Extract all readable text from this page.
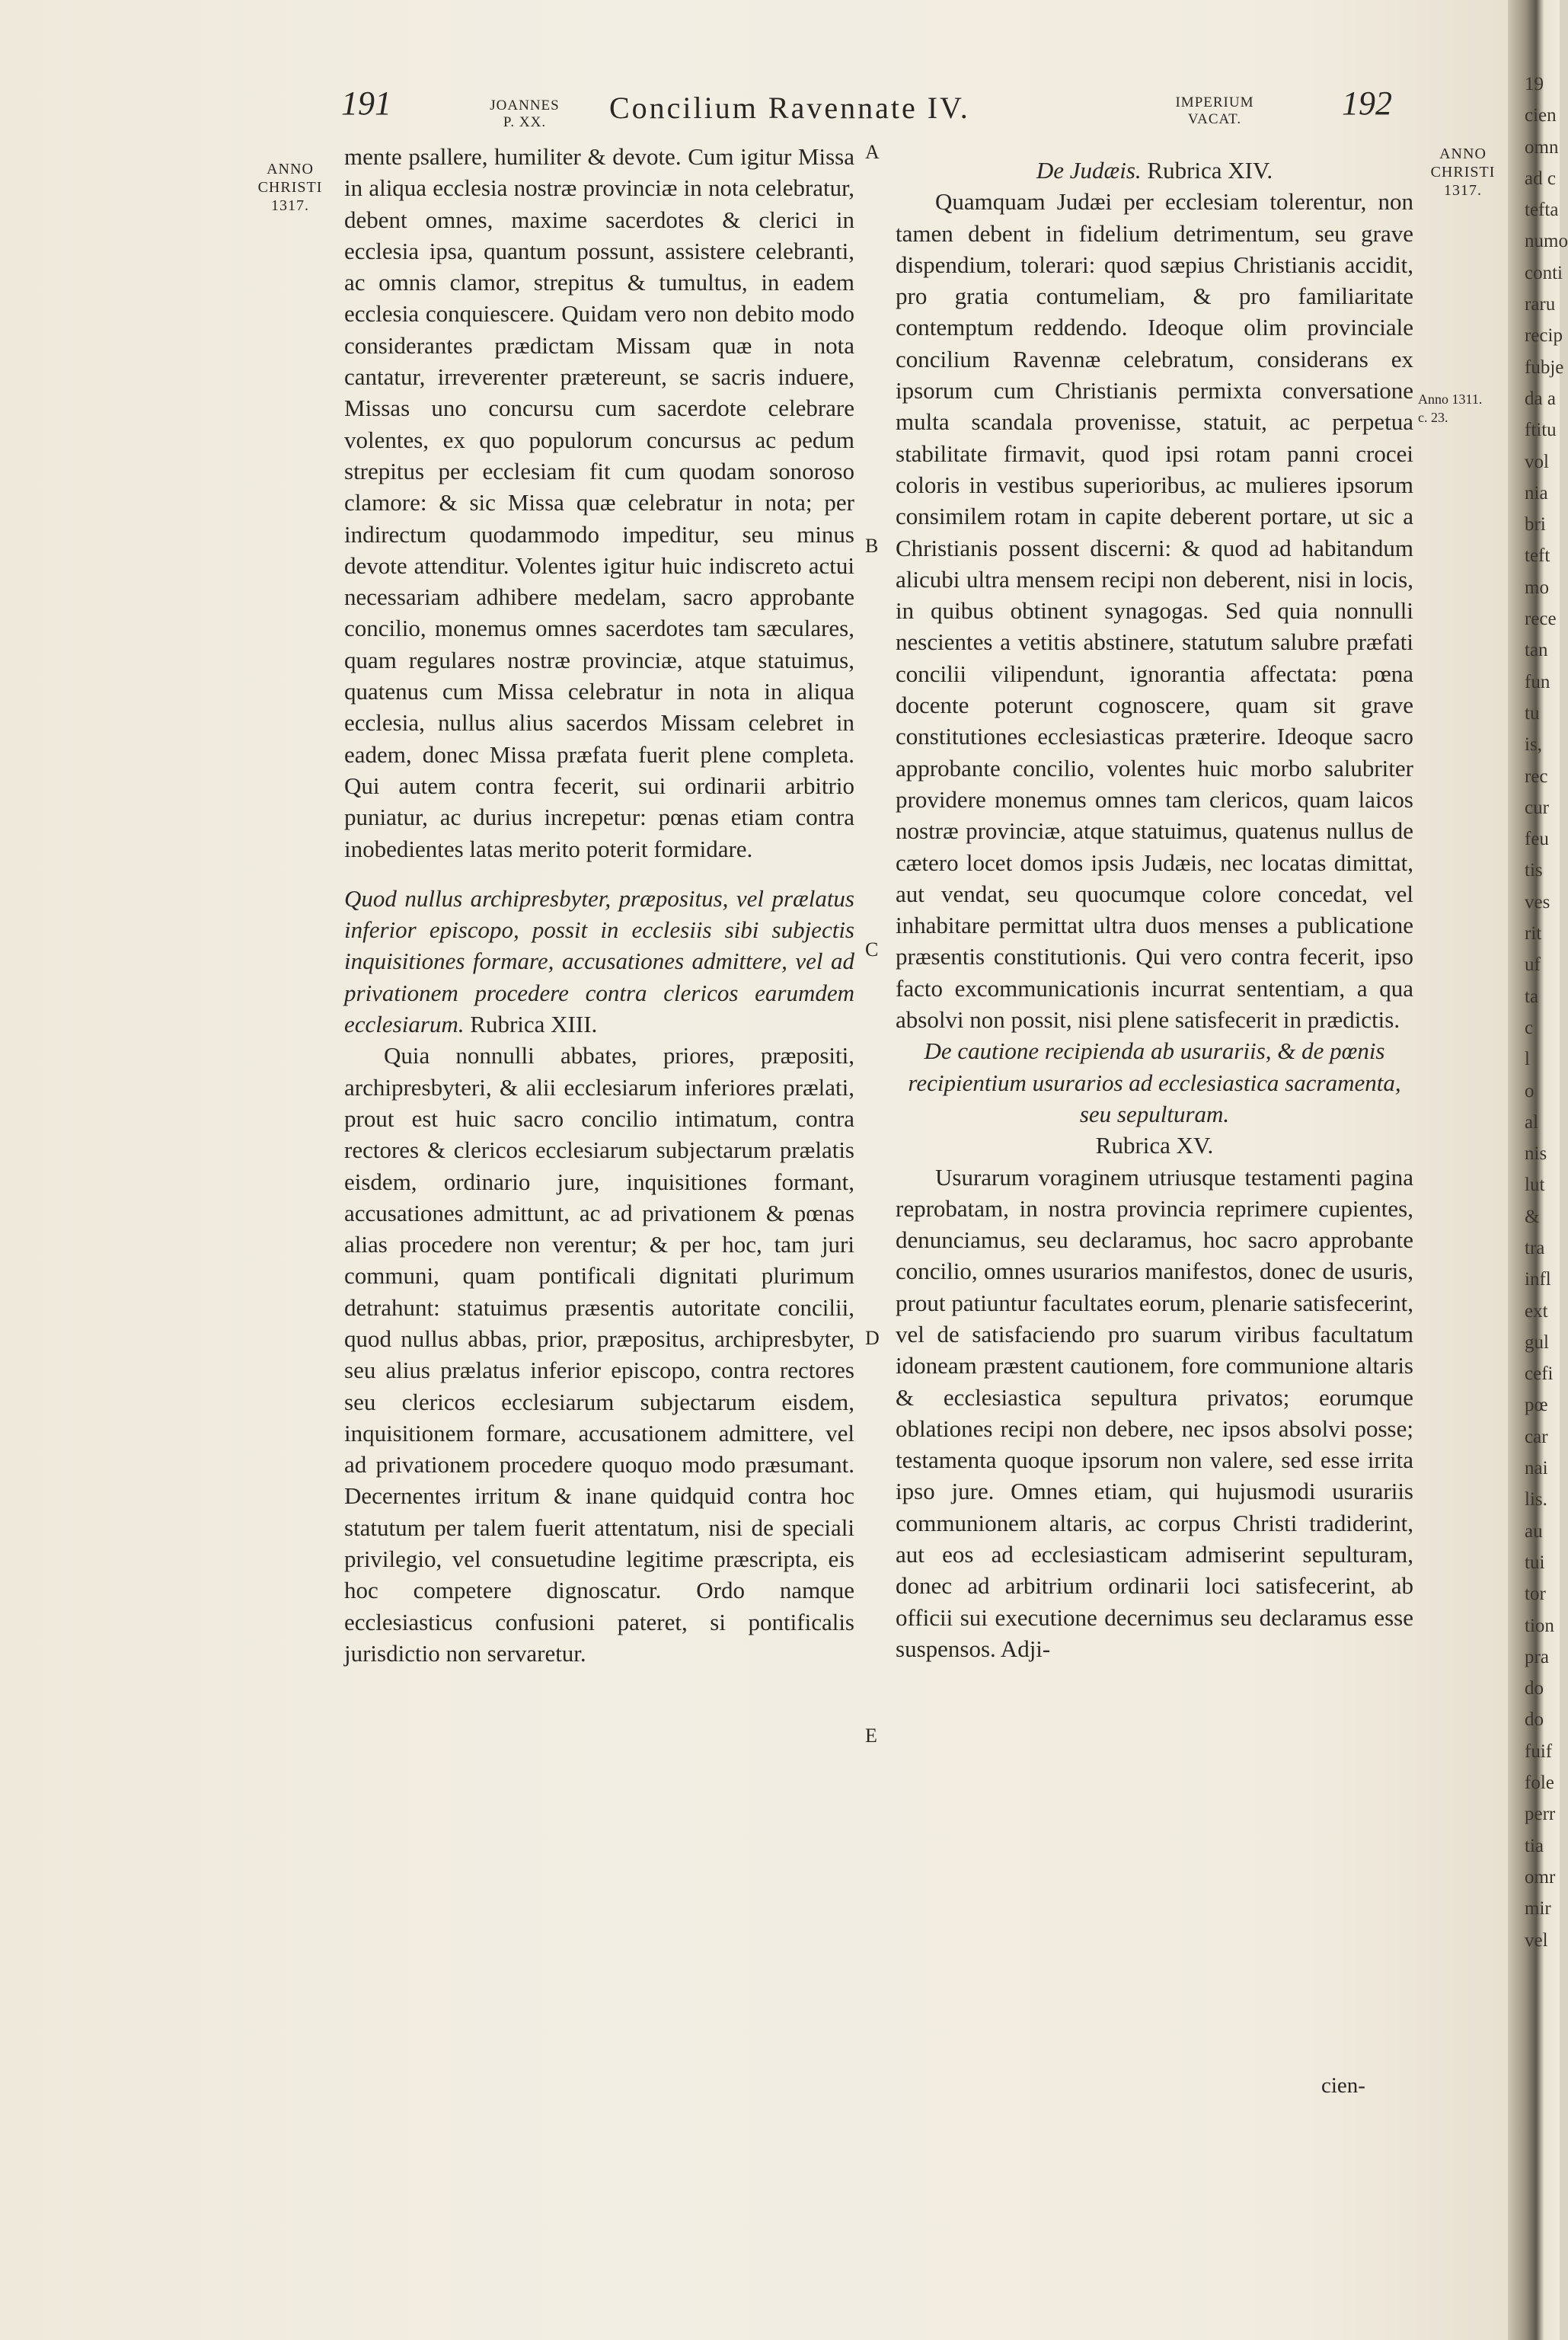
191	JOANNES
P. XX.	Concilium Ravennate IV.	IMPERIUM
VACAT.	192
ANNO
CHRISTI
1317.
ANNO
CHRISTI
1317.
Anno 1311.
c. 23.
A
B
C
D
E

mente psallere, humiliter & devote. Cum igitur Missa in aliqua ecclesia nostræ provinciæ in nota celebratur, debent omnes, maxime sacerdotes & clerici in ecclesia ipsa, quantum possunt, assistere celebranti, ac omnis clamor, strepitus & tumultus, in eadem ecclesia conquiescere. Quidam vero non debito modo considerantes prædictam Missam quæ in nota cantatur, irreverenter prætereunt, se sacris induere, Missas uno concursu cum sacerdote celebrare volentes, ex quo populorum concursus ac pedum strepitus per ecclesiam fit cum quodam sonoroso clamore: & sic Missa quæ celebratur in nota; per indirectum quodammodo impeditur, seu minus devote attenditur. Volentes igitur huic indiscreto actui necessariam adhibere medelam, sacro approbante concilio, monemus omnes sacerdotes tam sæculares, quam regulares nostræ provinciæ, atque statuimus, quatenus cum Missa celebratur in nota in aliqua ecclesia, nullus alius sacerdos Missam celebret in eadem, donec Missa præfata fuerit plene completa. Qui autem contra fecerit, sui ordinarii arbitrio puniatur, ac durius increpetur: pœnas etiam contra inobedientes latas merito poterit formidare.

Quod nullus archipresbyter, præpositus, vel prælatus inferior episcopo, possit in ecclesiis sibi subjectis inquisitiones formare, accusationes admittere, vel ad privationem procedere contra clericos earumdem ecclesiarum. Rubrica XIII.

Quia nonnulli abbates, priores, præpositi, archipresbyteri, & alii ecclesiarum inferiores prælati, prout est huic sacro concilio intimatum, contra rectores & clericos ecclesiarum subjectarum prælatis eisdem, ordinario jure, inquisitiones formant, accusationes admittunt, ac ad privationem & pœnas alias procedere non verentur; & per hoc, tam juri communi, quam pontificali dignitati plurimum detrahunt: statuimus præsentis autoritate concilii, quod nullus abbas, prior, præpositus, archipresbyter, seu alius prælatus inferior episcopo, contra rectores seu clericos ecclesiarum subjectarum eisdem, inquisitionem formare, accusationem admittere, vel ad privationem procedere quoquo modo præsumant. Decernentes irritum & inane quidquid contra hoc statutum per talem fuerit attentatum, nisi de speciali privilegio, vel consuetudine legitime præscripta, eis hoc competere dignoscatur. Ordo namque ecclesiasticus confusioni pateret, si pontificalis jurisdictio non servaretur.

De Judæis. Rubrica XIV.

Quamquam Judæi per ecclesiam tolerentur, non tamen debent in fidelium detrimentum, seu grave dispendium, tolerari: quod sæpius Christianis accidit, pro gratia contumeliam, & pro familiaritate contemptum reddendo. Ideoque olim provinciale concilium Ravennæ celebratum, considerans ex ipsorum cum Christianis permixta conversatione multa scandala provenisse, statuit, ac perpetua stabilitate firmavit, quod ipsi rotam panni crocei coloris in vestibus superioribus, ac mulieres ipsorum consimilem rotam in capite deberent portare, ut sic a Christianis possent discerni: & quod ad habitandum alicubi ultra mensem recipi non deberent, nisi in locis, in quibus obtinent synagogas. Sed quia nonnulli nescientes a vetitis abstinere, statutum salubre præfati concilii vilipendunt, ignorantia affectata: pœna docente poterunt cognoscere, quam sit grave constitutiones ecclesiasticas præterire. Ideoque sacro approbante concilio, volentes huic morbo salubriter providere monemus omnes tam clericos, quam laicos nostræ provinciæ, atque statuimus, quatenus nullus de cætero locet domos ipsis Judæis, nec locatas dimittat, aut vendat, seu quocumque colore concedat, vel inhabitare permittat ultra duos menses a publicatione præsentis constitutionis. Qui vero contra fecerit, ipso facto excommunicationis incurrat sententiam, a qua absolvi non possit, nisi plene satisfecerit in prædictis.

De cautione recipienda ab usurariis, & de pœnis recipientium usurarios ad ecclesiastica sacramenta, seu sepulturam.
Rubrica XV.

Usurarum voraginem utriusque testamenti pagina reprobatam, in nostra provincia reprimere cupientes, denunciamus, seu declaramus, hoc sacro approbante concilio, omnes usurarios manifestos, donec de usuris, prout patiuntur facultates eorum, plenarie satisfecerint, vel de satisfaciendo pro suarum viribus facultatum idoneam præstent cautionem, fore communione altaris & ecclesiastica sepultura privatos; eorumque oblationes recipi non debere, nec ipsos absolvi posse; testamenta quoque ipsorum non valere, sed esse irrita ipso jure. Omnes etiam, qui hujusmodi usurariis communionem altaris, ac corpus Christi tradiderint, aut eos ad ecclesiasticam admiserint sepulturam, donec ad arbitrium ordinarii loci satisfecerint, ab officii sui executione decernimus seu declaramus esse suspensos. Adji-

cien-
19
cien
omn
ad c
tefta
numo
conti
raru
recip
fubje
da a
ftitu
vol
nia
bri
teft
mo
rece
tan
fun
tu
is,
rec
cur
feu
tis
ves
rit
uf
ta
c
l
o
al
nis
lut
&
tra
infl
ext
gul
cefi
pœ
car
nai
lis.
au
tui
tor
tion
pra
do
do
fuif
fole
perr
tia
omr
mir
vel
